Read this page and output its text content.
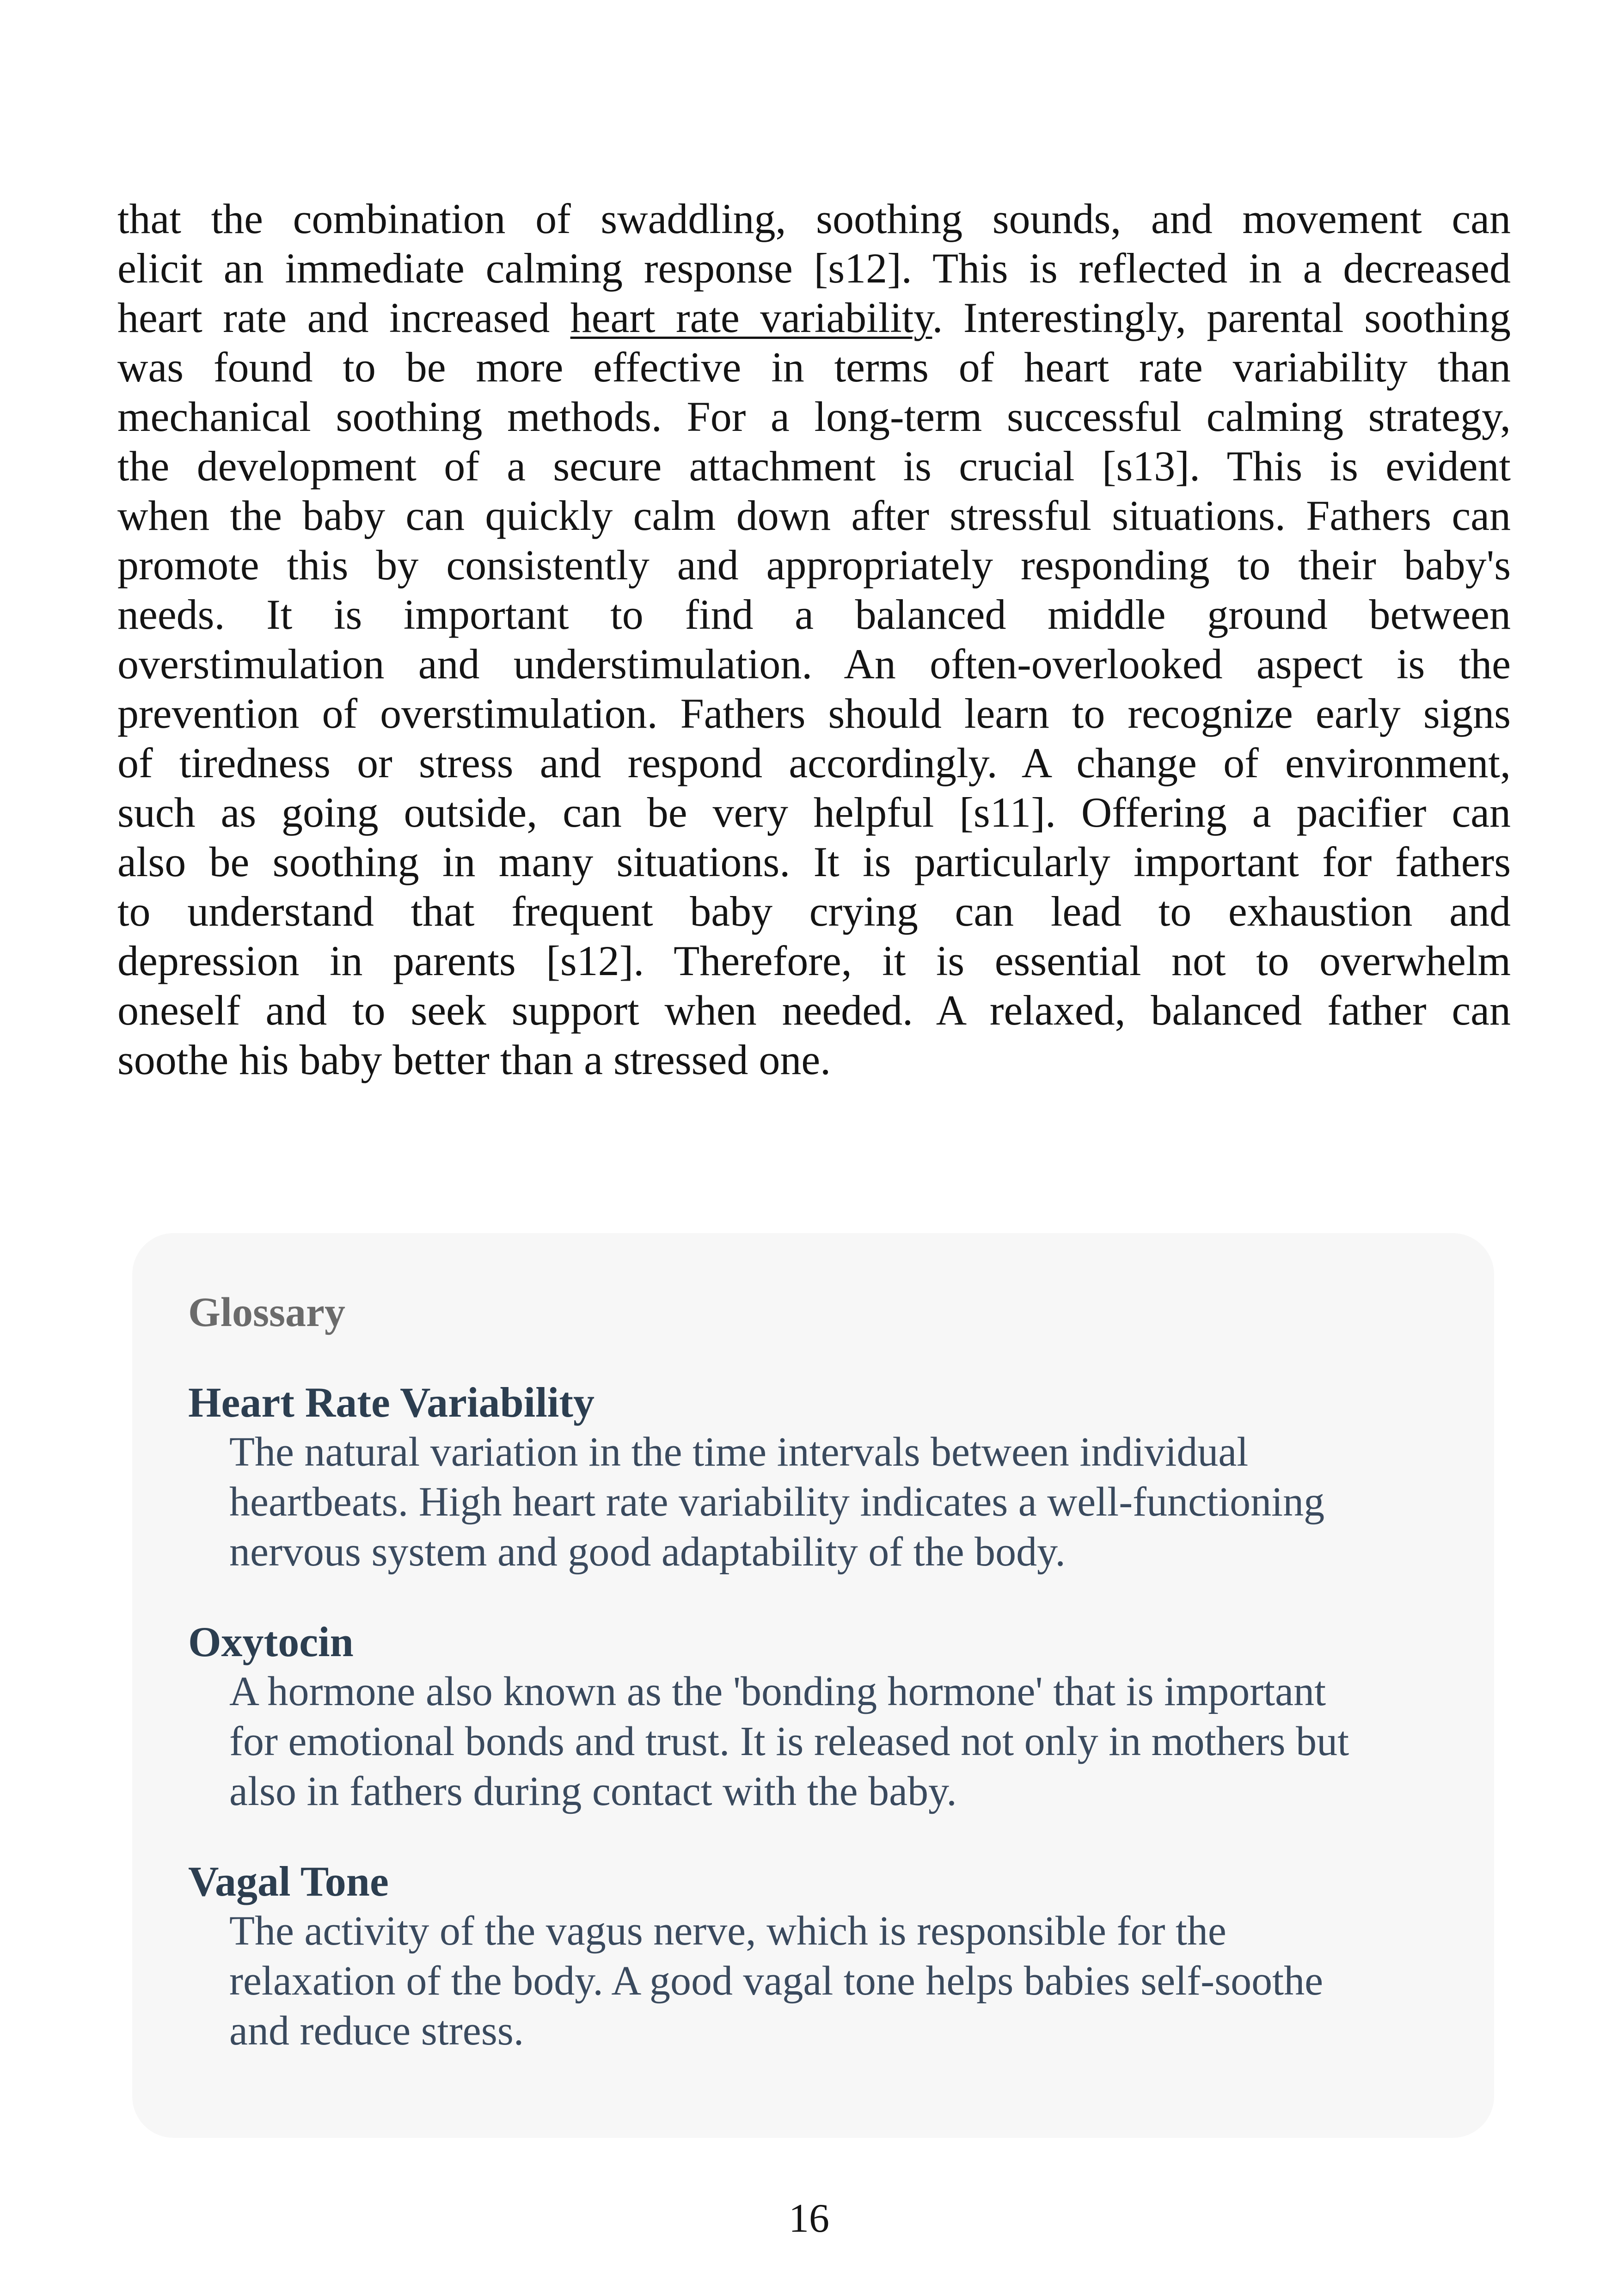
that the combination of swaddling, soothing sounds, and movement can
elicit an immediate calming response [s12]. This is reflected in a decreased
heart rate and increased heart rate variability. Interestingly, parental soothing
was found to be more effective in terms of heart rate variability than
mechanical soothing methods. For a long-term successful calming strategy,
the development of a secure attachment is crucial [s13]. This is evident
when the baby can quickly calm down after stressful situations. Fathers can
promote this by consistently and appropriately responding to their baby's
needs. It is important to find a balanced middle ground between
overstimulation and understimulation. An often-overlooked aspect is the
prevention of overstimulation. Fathers should learn to recognize early signs
of tiredness or stress and respond accordingly. A change of environment,
such as going outside, can be very helpful [s11]. Offering a pacifier can
also be soothing in many situations. It is particularly important for fathers
to understand that frequent baby crying can lead to exhaustion and
depression in parents [s12]. Therefore, it is essential not to overwhelm
oneself and to seek support when needed. A relaxed, balanced father can
soothe his baby better than a stressed one.
Glossary
Heart Rate Variability
The natural variation in the time intervals between individual
heartbeats. High heart rate variability indicates a well-functioning
nervous system and good adaptability of the body.
Oxytocin
A hormone also known as the 'bonding hormone' that is important
for emotional bonds and trust. It is released not only in mothers but
also in fathers during contact with the baby.
Vagal Tone
The activity of the vagus nerve, which is responsible for the
relaxation of the body. A good vagal tone helps babies self-soothe
and reduce stress.
16
